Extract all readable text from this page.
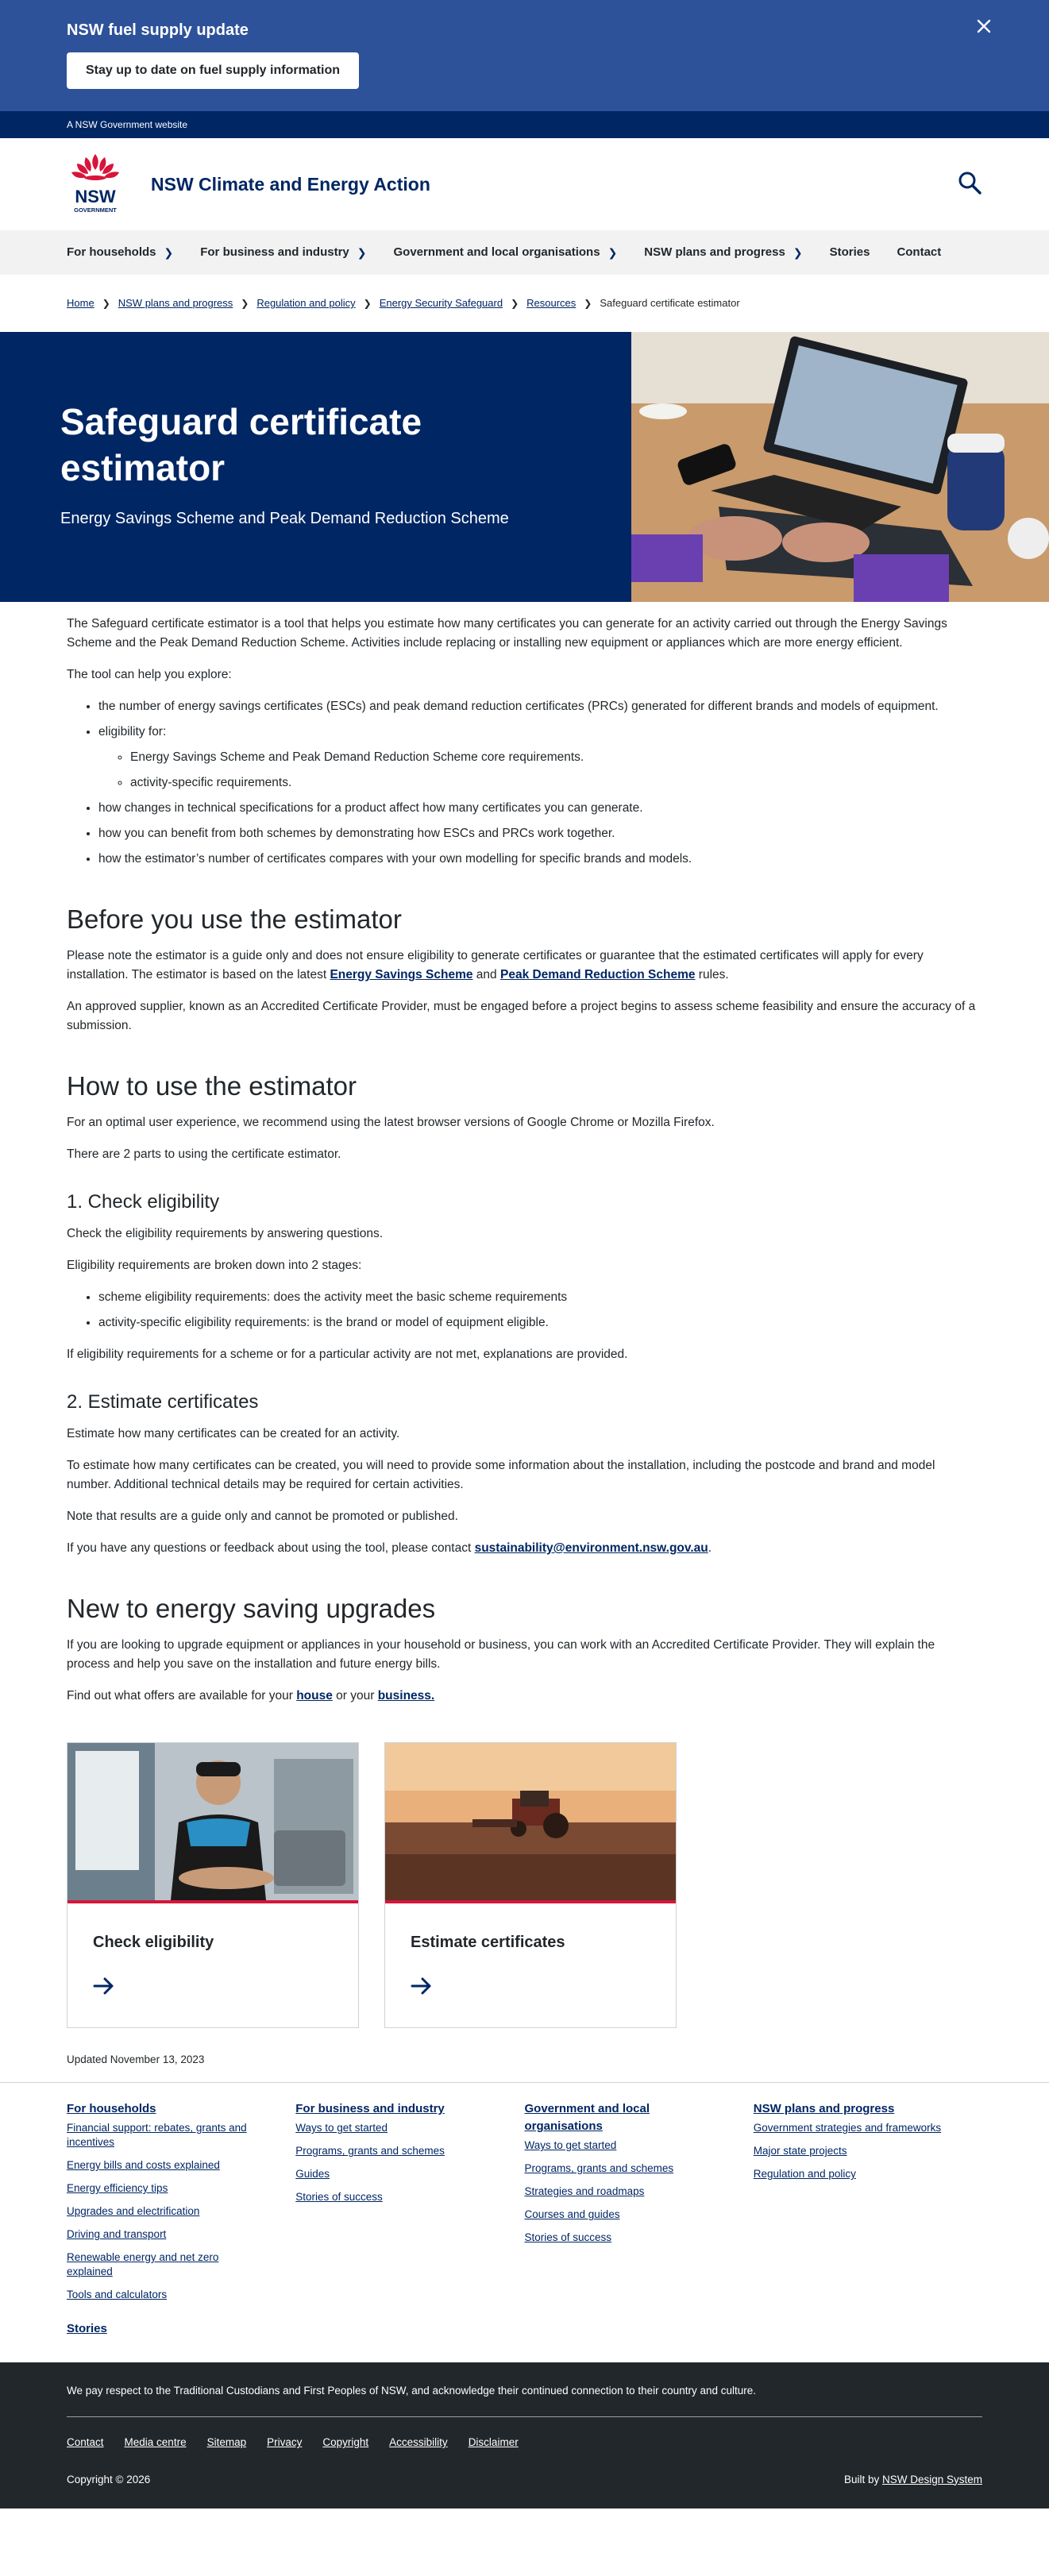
NSW fuel supply update
Stay up to date on fuel supply information
A NSW Government website
NSW
GOVERNMENT
NSW Climate and Energy Action
For households ❯ For business and industry ❯ Government and local organisations ❯ NSW plans and progress ❯ Stories Contact
Home ❯ NSW plans and progress ❯ Regulation and policy ❯ Energy Security Safeguard ❯ Resources ❯ Safeguard certificate estimator
Safeguard certificate estimator

Energy Savings Scheme and Peak Demand Reduction Scheme

The Safeguard certificate estimator is a tool that helps you estimate how many certificates you can generate for an activity carried out through the Energy Savings Scheme and the Peak Demand Reduction Scheme. Activities include replacing or installing new equipment or appliances which are more energy efficient.

The tool can help you explore:

• the number of energy savings certificates (ESCs) and peak demand reduction certificates (PRCs) generated for different brands and models of equipment.
• eligibility for:
◦ Energy Savings Scheme and Peak Demand Reduction Scheme core requirements.
◦ activity-specific requirements.
• how changes in technical specifications for a product affect how many certificates you can generate.
• how you can benefit from both schemes by demonstrating how ESCs and PRCs work together.
• how the estimator’s number of certificates compares with your own modelling for specific brands and models.
Before you use the estimator

Please note the estimator is a guide only and does not ensure eligibility to generate certificates or guarantee that the estimated certificates will apply for every installation. The estimator is based on the latest Energy Savings Scheme and Peak Demand Reduction Scheme rules.

An approved supplier, known as an Accredited Certificate Provider, must be engaged before a project begins to assess scheme feasibility and ensure the accuracy of a submission.

How to use the estimator

For an optimal user experience, we recommend using the latest browser versions of Google Chrome or Mozilla Firefox.

There are 2 parts to using the certificate estimator.

1. Check eligibility

Check the eligibility requirements by answering questions.

Eligibility requirements are broken down into 2 stages:

• scheme eligibility requirements: does the activity meet the basic scheme requirements
• activity-specific eligibility requirements: is the brand or model of equipment eligible.

If eligibility requirements for a scheme or for a particular activity are not met, explanations are provided.

2. Estimate certificates

Estimate how many certificates can be created for an activity.

To estimate how many certificates can be created, you will need to provide some information about the installation, including the postcode and brand and model number. Additional technical details may be required for certain activities.

Note that results are a guide only and cannot be promoted or published.

If you have any questions or feedback about using the tool, please contact sustainability@environment.nsw.gov.au.

New to energy saving upgrades

If you are looking to upgrade equipment or appliances in your household or business, you can work with an Accredited Certificate Provider. They will explain the process and help you save on the installation and future energy bills.

Find out what offers are available for your house or your business.

Check eligibility	Estimate certificates
Updated November 13, 2023
For households
Financial support: rebates, grants and incentives
Energy bills and costs explained
Energy efficiency tips
Upgrades and electrification
Driving and transport
Renewable energy and net zero explained
Tools and calculators
For business and industry
Ways to get started
Programs, grants and schemes
Guides
Stories of success
Government and local organisations
Ways to get started
Programs, grants and schemes
Strategies and roadmaps
Courses and guides
Stories of success
NSW plans and progress
Government strategies and frameworks
Major state projects
Regulation and policy
Stories
We pay respect to the Traditional Custodians and First Peoples of NSW, and acknowledge their continued connection to their country and culture.
Contact Media centre Sitemap Privacy Copyright Accessibility Disclaimer
Copyright © 2026	Built by NSW Design System
